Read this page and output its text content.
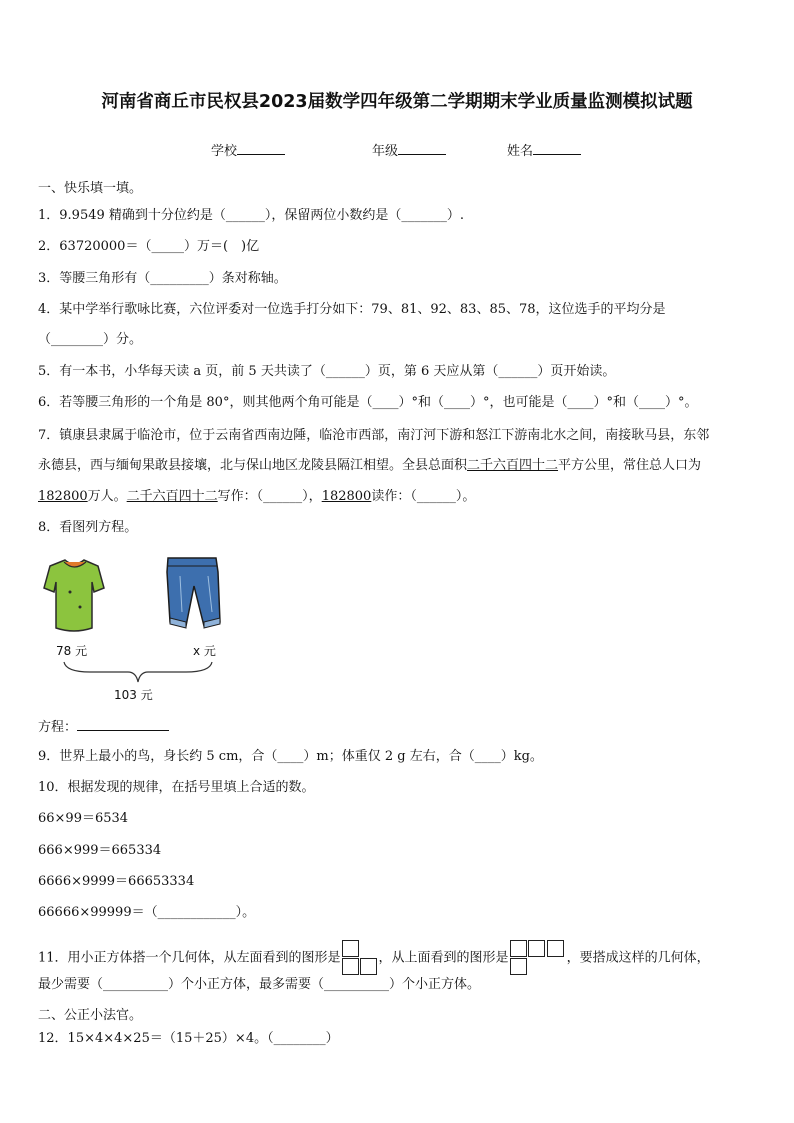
河南省商丘市民权县2023届数学四年级第二学期期末学业质量监测模拟试题
学校	年级	姓名
一、快乐填一填。
1．9.9549 精确到十分位约是（______），保留两位小数约是（_______）.
2．63720000＝（_____）万＝(　)亿
3．等腰三角形有（_________）条对称轴。
4．某中学举行歌咏比赛，六位评委对一位选手打分如下：79、81、92、83、85、78，这位选手的平均分是
（________）分。
5．有一本书，小华每天读 a 页，前 5 天共读了（______）页，第 6 天应从第（______）页开始读。
6．若等腰三角形的一个角是 80°，则其他两个角可能是（____）°和（____）°，也可能是（____）°和（____）°。
7．镇康县隶属于临沧市，位于云南省西南边陲，临沧市西部，南汀河下游和怒江下游南北水之间，南接耿马县，东邻
永德县，西与缅甸果敢县接壤，北与保山地区龙陵县隔江相望。全县总面积二千六百四十二平方公里，常住总人口为
182800万人。二千六百四十二写作：（______），182800读作：（______）。
8．看图列方程。
78 元	x 元
103 元
方程：
9．世界上最小的鸟，身长约 5 cm，合（____）m；体重仅 2 g 左右，合（____）kg。
10．根据发现的规律，在括号里填上合适的数。
66×99＝6534
666×999＝665334
6666×9999＝66653334
66666×99999＝（____________）。
11．用小正方体搭一个几何体，从左面看到的图形是	，从上面看到的图形是	，要搭成这样的几何体，
最少需要（__________）个小正方体，最多需要（__________）个小正方体。
二、公正小法官。
12．15×4×4×25＝（15＋25）×4。（________）
